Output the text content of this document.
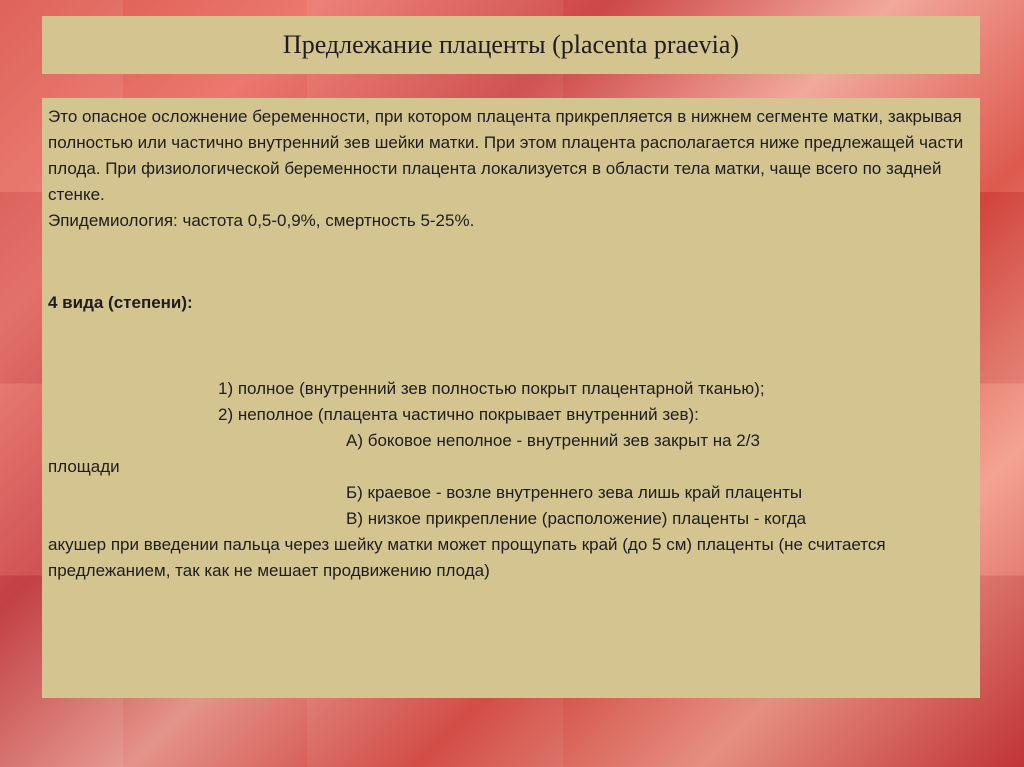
Предлежание плаценты (placenta praevia)

Это опасное осложнение беременности, при котором плацента прикрепляется в нижнем сегменте матки, закрывая полностью или частично внутренний зев шейки матки. При этом плацента располагается ниже предлежащей части плода. При физиологической беременности плацента локализуется в области тела матки, чаще всего по задней стенке.

Эпидемиология: частота 0,5-0,9%, смертность 5-25%.

4 вида (степени):

1) полное (внутренний зев полностью покрыт плацентарной тканью);

2) неполное (плацента частично покрывает внутренний зев):

А) боковое неполное - внутренний зев закрыт на 2/3

площади

Б) краевое - возле внутреннего зева лишь край плаценты

В) низкое прикрепление (расположение) плаценты - когда

акушер при введении пальца через шейку матки может прощупать край (до 5 см) плаценты (не считается предлежанием, так как не мешает продвижению плода)
